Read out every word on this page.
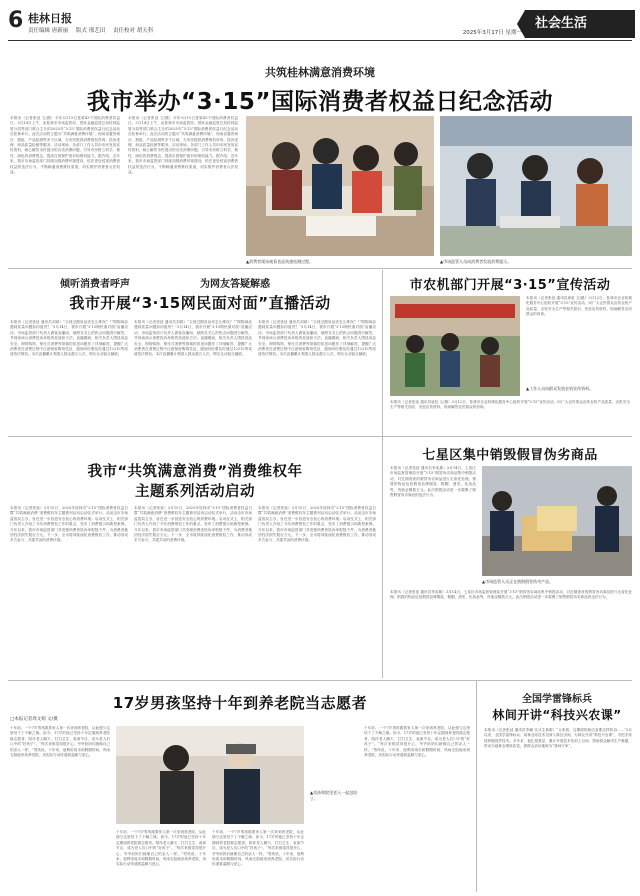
6 桂林日报
责任编辑 唐新丽 版式 邢艺田 责任校对 胡天科	2025年3月17日 星期一
社会生活
共筑桂林满意消费环境
我市举办“3·15”国际消费者权益日纪念活动
本报讯（记者张延 文/摄）今年3月15日是第43个国际消费者权益日。3月14日上午，由桂林市市场监管局、国家金融监管总局桂林监管分局等部门联合主办的2025年“3·15”国际消费者权益日纪念活动在桂林举行。此次活动的主题为“共筑满意消费环境”，现场设置咨询台、展板、产品检测等多个区域，为市民提供消费维权咨询、投诉受理、商品质量检测等服务。活动现场，各部门工作人员向市民发放宣传资料，耐心解答市民提出的各类消费问题，引导市民树立科学、理性、绿色的消费观念，提高自我保护意识和维权能力。据介绍，近年来，我市市场监管部门持续加强消费环境建设，依法查处侵害消费者权益的违法行为，不断畅通消费维权渠道，切实维护消费者合法权益。
本报讯（记者张延 文/摄）今年3月15日是第43个国际消费者权益日。3月14日上午，由桂林市市场监管局、国家金融监管总局桂林监管分局等部门联合主办的2025年“3·15”国际消费者权益日纪念活动在桂林举行。此次活动的主题为“共筑满意消费环境”，现场设置咨询台、展板、产品检测等多个区域，为市民提供消费维权咨询、投诉受理、商品质量检测等服务。活动现场，各部门工作人员向市民发放宣传资料，耐心解答市民提出的各类消费问题，引导市民树立科学、理性、绿色的消费观念，提高自我保护意识和维权能力。据介绍，近年来，我市市场监管部门持续加强消费环境建设，依法查处侵害消费者权益的违法行为，不断畅通消费维权渠道，切实维护消费者合法权益。
▲消费者现场观看食品快速检测过程。	▲市场监管人员向消费者发放消费提示。
倾听消费者呼声	为网友答疑解惑
我市开展“3·15网民面对面”直播活动
本报讯（记者张延 通讯员刘晨）“买到过期食品该怎么维权？”“网购商品遇到质量问题如何退货？”3月14日，我市开展“3·15网民面对面”直播活动，市场监管部门负责人做客直播间，就网友关心的热点问题进行解答，并现场演示消费投诉举报的渠道和方法。直播期间，相关负责人围绕食品安全、网络购物、预付式消费等领域的常见问题作了详细解答，提醒广大消费者在消费过程中注意保留购物凭证，遇到纠纷要及时通过12315等渠道依法维权。本次直播累计观看人数达数万人次，网友互动留言踊跃。
本报讯（记者张延 通讯员刘晨）“买到过期食品该怎么维权？”“网购商品遇到质量问题如何退货？”3月14日，我市开展“3·15网民面对面”直播活动，市场监管部门负责人做客直播间，就网友关心的热点问题进行解答，并现场演示消费投诉举报的渠道和方法。直播期间，相关负责人围绕食品安全、网络购物、预付式消费等领域的常见问题作了详细解答，提醒广大消费者在消费过程中注意保留购物凭证，遇到纠纷要及时通过12315等渠道依法维权。本次直播累计观看人数达数万人次，网友互动留言踊跃。
本报讯（记者张延 通讯员刘晨）“买到过期食品该怎么维权？”“网购商品遇到质量问题如何退货？”3月14日，我市开展“3·15网民面对面”直播活动，市场监管部门负责人做客直播间，就网友关心的热点问题进行解答，并现场演示消费投诉举报的渠道和方法。直播期间，相关负责人围绕食品安全、网络购物、预付式消费等领域的常见问题作了详细解答，提醒广大消费者在消费过程中注意保留购物凭证，遇到纠纷要及时通过12315等渠道依法维权。本次直播累计观看人数达数万人次，网友互动留言踊跃。
市农机部门开展“3·15”宣传活动
本报讯（记者张延 通讯员唐虹 文/摄）3月12日，桂林市农业机械化服务中心组织开展“3·15”宣传活动，向广大农民群众宣传农机产品质量、农机安全生产等相关知识，发放宣传资料，现场解答农民群众的咨询。
本报讯（记者张延 通讯员唐虹 文/摄）3月12日，桂林市农业机械化服务中心组织开展“3·15”宣传活动，向广大农民群众宣传农机产品质量、农机安全生产等相关知识，发放宣传资料，现场解答农民群众的咨询。
▲工作人员向群众发放农机宣传资料。
我市“共筑满意消费”消费维权年
主题系列活动启动
本报讯（记者张延）3月15日，2025年桂林市“3·15”国际消费者权益日暨“共筑满意消费”消费维权年主题系列活动启动仪式举行。活动由市市场监管局主办，旨在进一步营造安全放心的消费环境。启动仪式上，相关部门负责人介绍了今年消费维权工作的重点，发布了消费提示和典型案例。今年以来，我市市场监管部门共受理消费者投诉举报数千件，为消费者挽回经济损失数百万元。下一步，全市将持续深化消费维权工作，推动形成多方参与、共建共治的消费环境。
本报讯（记者张延）3月15日，2025年桂林市“3·15”国际消费者权益日暨“共筑满意消费”消费维权年主题系列活动启动仪式举行。活动由市市场监管局主办，旨在进一步营造安全放心的消费环境。启动仪式上，相关部门负责人介绍了今年消费维权工作的重点，发布了消费提示和典型案例。今年以来，我市市场监管部门共受理消费者投诉举报数千件，为消费者挽回经济损失数百万元。下一步，全市将持续深化消费维权工作，推动形成多方参与、共建共治的消费环境。
本报讯（记者张延）3月15日，2025年桂林市“3·15”国际消费者权益日暨“共筑满意消费”消费维权年主题系列活动启动仪式举行。活动由市市场监管局主办，旨在进一步营造安全放心的消费环境。启动仪式上，相关部门负责人介绍了今年消费维权工作的重点，发布了消费提示和典型案例。今年以来，我市市场监管部门共受理消费者投诉举报数千件，为消费者挽回经济损失数百万元。下一步，全市将持续深化消费维权工作，推动形成多方参与、共建共治的消费环境。
七星区集中销毁假冒伪劣商品
本报讯（记者张延 通讯员李兆雄）3月14日，七星区市场监督管理局开展“3·15”假冒伪劣商品集中销毁活动，对近期查获的假冒伪劣商品进行无害化处理。销毁的物品包括假冒品牌服装、鞋帽、酒类、化妆品等，货值金额数万元。此次销毁活动进一步震慑了制售假冒伪劣商品的违法行为。
▲市场监管人员正在销毁假冒伪劣产品。
本报讯（记者张延 通讯员李兆雄）3月14日，七星区市场监督管理局开展“3·15”假冒伪劣商品集中销毁活动，对近期查获的假冒伪劣商品进行无害化处理。销毁的物品包括假冒品牌服装、鞋帽、酒类、化妆品等，货值金额数万元。此次销毁活动进一步震慑了制售假冒伪劣商品的违法行为。
17岁男孩坚持十年到养老院当志愿者
□本报记者周文娟 文/摄
十年前，一个7岁男孩跟着家人第一次来到养老院，从此便与这里结下了不解之缘。如今，17岁的他已坚持十年定期到养老院做志愿者，陪伴老人聊天、打扫卫生、表演节目，成为老人们口中的“好孩子”。“每次来都觉得很开心，爷爷奶奶们就像自己的亲人一样。”男孩说，十年来，他利用周末和假期时间，风雨无阻地来到养老院，用实际行动传递着温暖与爱心。
▲男孩和院里老人一起包饺子。
十年前，一个7岁男孩跟着家人第一次来到养老院，从此便与这里结下了不解之缘。如今，17岁的他已坚持十年定期到养老院做志愿者，陪伴老人聊天、打扫卫生、表演节目，成为老人们口中的“好孩子”。“每次来都觉得很开心，爷爷奶奶们就像自己的亲人一样。”男孩说，十年来，他利用周末和假期时间，风雨无阻地来到养老院，用实际行动传递着温暖与爱心。
十年前，一个7岁男孩跟着家人第一次来到养老院，从此便与这里结下了不解之缘。如今，17岁的他已坚持十年定期到养老院做志愿者，陪伴老人聊天、打扫卫生、表演节目，成为老人们口中的“好孩子”。“每次来都觉得很开心，爷爷奶奶们就像自己的亲人一样。”男孩说，十年来，他利用周末和假期时间，风雨无阻地来到养老院，用实际行动传递着温暖与爱心。
十年前，一个7岁男孩跟着家人第一次来到养老院，从此便与这里结下了不解之缘。如今，17岁的他已坚持十年定期到养老院做志愿者，陪伴老人聊天、打扫卫生、表演节目，成为老人们口中的“好孩子”。“每次来都觉得很开心，爷爷奶奶们就像自己的亲人一样。”男孩说，十年来，他利用周末和假期时间，风雨无阻地来到养老院，用实际行动传递着温暖与爱心。
全国学雷锋标兵
林间开讲“科技兴农课”
本报讯（记者张延 通讯员李鹏 实习生黄明）“大家看，这棵树的病虫害要这样防治……”3月以来，全国学雷锋标兵、某林业站技术员深入林区田间，为林农开讲“科技兴农课”，手把手传授种植管护技术。多年来，他扎根基层，累计开展技术培训上百场，帮助群众解决生产难题，带动当地林农增收致富，被群众亲切地称为“林间专家”。
